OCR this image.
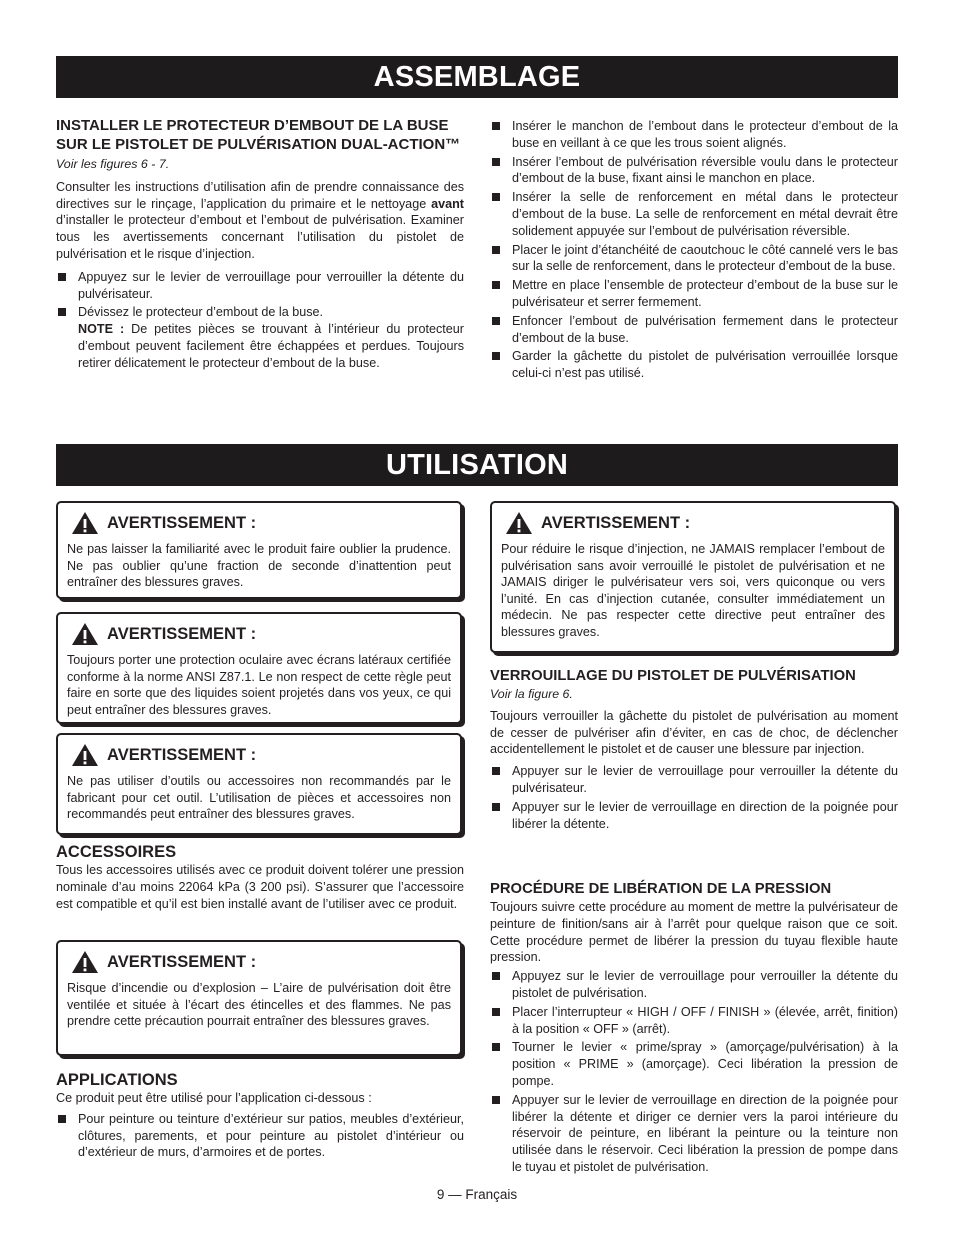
ASSEMBLAGE
INSTALLER LE PROTECTEUR D’EMBOUT DE LA BUSE SUR LE PISTOLET DE PULVÉRISATION DUAL-ACTION™
Voir les figures 6 - 7.

Consulter les instructions d’utilisation afin de prendre connaissance des directives sur le rinçage, l’application du primaire et le nettoyage avant d’installer le protecteur d’embout et l’embout de pulvérisation. Examiner tous les avertissements concernant l’utilisation du pistolet de pulvérisation et le risque d’injection.

Appuyez sur le levier de verrouillage pour verrouiller la détente du pulvérisateur.
Dévissez le protecteur d’embout de la buse.

NOTE : De petites pièces se trouvant à l’intérieur du protecteur d’embout peuvent facilement être échappées et perdues. Toujours retirer délicatement le protecteur d’embout de la buse.

Insérer le manchon de l’embout dans le protecteur d’embout de la buse en veillant à ce que les trous soient alignés.
Insérer l’embout de pulvérisation réversible voulu dans le protecteur d’embout de la buse, fixant ainsi le manchon en place.
Insérer la selle de renforcement en métal dans le protecteur d’embout de la buse. La selle de renforcement en métal devrait être solidement appuyée sur l’embout de pulvérisation réversible.
Placer le joint d’étanchéité de caoutchouc le côté cannelé vers le bas sur la selle de renforcement, dans le protecteur d’embout de la buse.
Mettre en place l’ensemble de protecteur d’embout de la buse sur le pulvérisateur et serrer fermement.
Enfoncer l’embout de pulvérisation fermement dans le protecteur d’embout de la buse.
Garder la gâchette du pistolet de pulvérisation verrouillée lorsque celui-ci n’est pas utilisé.
UTILISATION
AVERTISSEMENT :

Ne pas laisser la familiarité avec le produit faire oublier la prudence. Ne pas oublier qu’une fraction de seconde d’inattention peut entraîner des blessures graves.

AVERTISSEMENT :

Toujours porter une protection oculaire avec écrans latéraux certifiée conforme à la norme ANSI Z87.1. Le non respect de cette règle peut faire en sorte que des liquides soient projetés dans vos yeux, ce qui peut entraîner des blessures graves.

AVERTISSEMENT :

Ne pas utiliser d’outils ou accessoires non recommandés par le fabricant pour cet outil. L’utilisation de pièces et accessoires non recommandés peut entraîner des blessures graves.

ACCESSOIRES

Tous les accessoires utilisés avec ce produit doivent tolérer une pression nominale d’au moins 22064 kPa (3 200 psi). S’assurer que l’accessoire est compatible et qu’il est bien installé avant de l’utiliser avec ce produit.

AVERTISSEMENT :

Risque d’incendie ou d’explosion – L’aire de pulvérisation doit être ventilée et située à l’écart des étincelles et des flammes. Ne pas prendre cette précaution pourrait entraîner des blessures graves.

APPLICATIONS

Ce produit peut être utilisé pour l’application ci-dessous :

Pour peinture ou teinture d’extérieur sur patios, meubles d’extérieur, clôtures, parements, et pour peinture au pistolet d’intérieur ou d’extérieur de murs, d’armoires et de portes.
AVERTISSEMENT :

Pour réduire le risque d’injection, ne JAMAIS remplacer l’embout de pulvérisation sans avoir verrouillé le pistolet de pulvérisation et ne JAMAIS diriger le pulvérisateur vers soi, vers quiconque ou vers l’unité. En cas d’injection cutanée, consulter immédiatement un médecin. Ne pas respecter cette directive peut entraîner des blessures graves.

VERROUILLAGE DU PISTOLET DE PULVÉRISATION
Voir la figure 6.

Toujours verrouiller la gâchette du pistolet de pulvérisation au moment de cesser de pulvériser afin d’éviter, en cas de choc, de déclencher accidentellement le pistolet et de causer une blessure par injection.

Appuyer sur le levier de verrouillage pour verrouiller la détente du pulvérisateur.
Appuyer sur le levier de verrouillage en direction de la poignée pour libérer la détente.
PROCÉDURE DE LIBÉRATION DE LA PRESSION

Toujours suivre cette procédure au moment de mettre la pulvérisateur de peinture de finition/sans air à l’arrêt pour quelque raison que ce soit. Cette procédure permet de libérer la pression du tuyau flexible haute pression.

Appuyez sur le levier de verrouillage pour verrouiller la détente du pistolet de pulvérisation.
Placer l’interrupteur « HIGH / OFF / FINISH » (élevée, arrêt, finition) à la position « OFF » (arrêt).
Tourner le levier « prime/spray » (amorçage/pulvérisation) à la position « PRIME » (amorçage). Ceci libération la pression de pompe.
Appuyer sur le levier de verrouillage en direction de la poignée pour libérer la détente et diriger ce dernier vers la paroi intérieure du réservoir de peinture, en libérant la peinture ou la teinture non utilisée dans le réservoir. Ceci libération la pression de pompe dans le tuyau et pistolet de pulvérisation.
9 — Français
